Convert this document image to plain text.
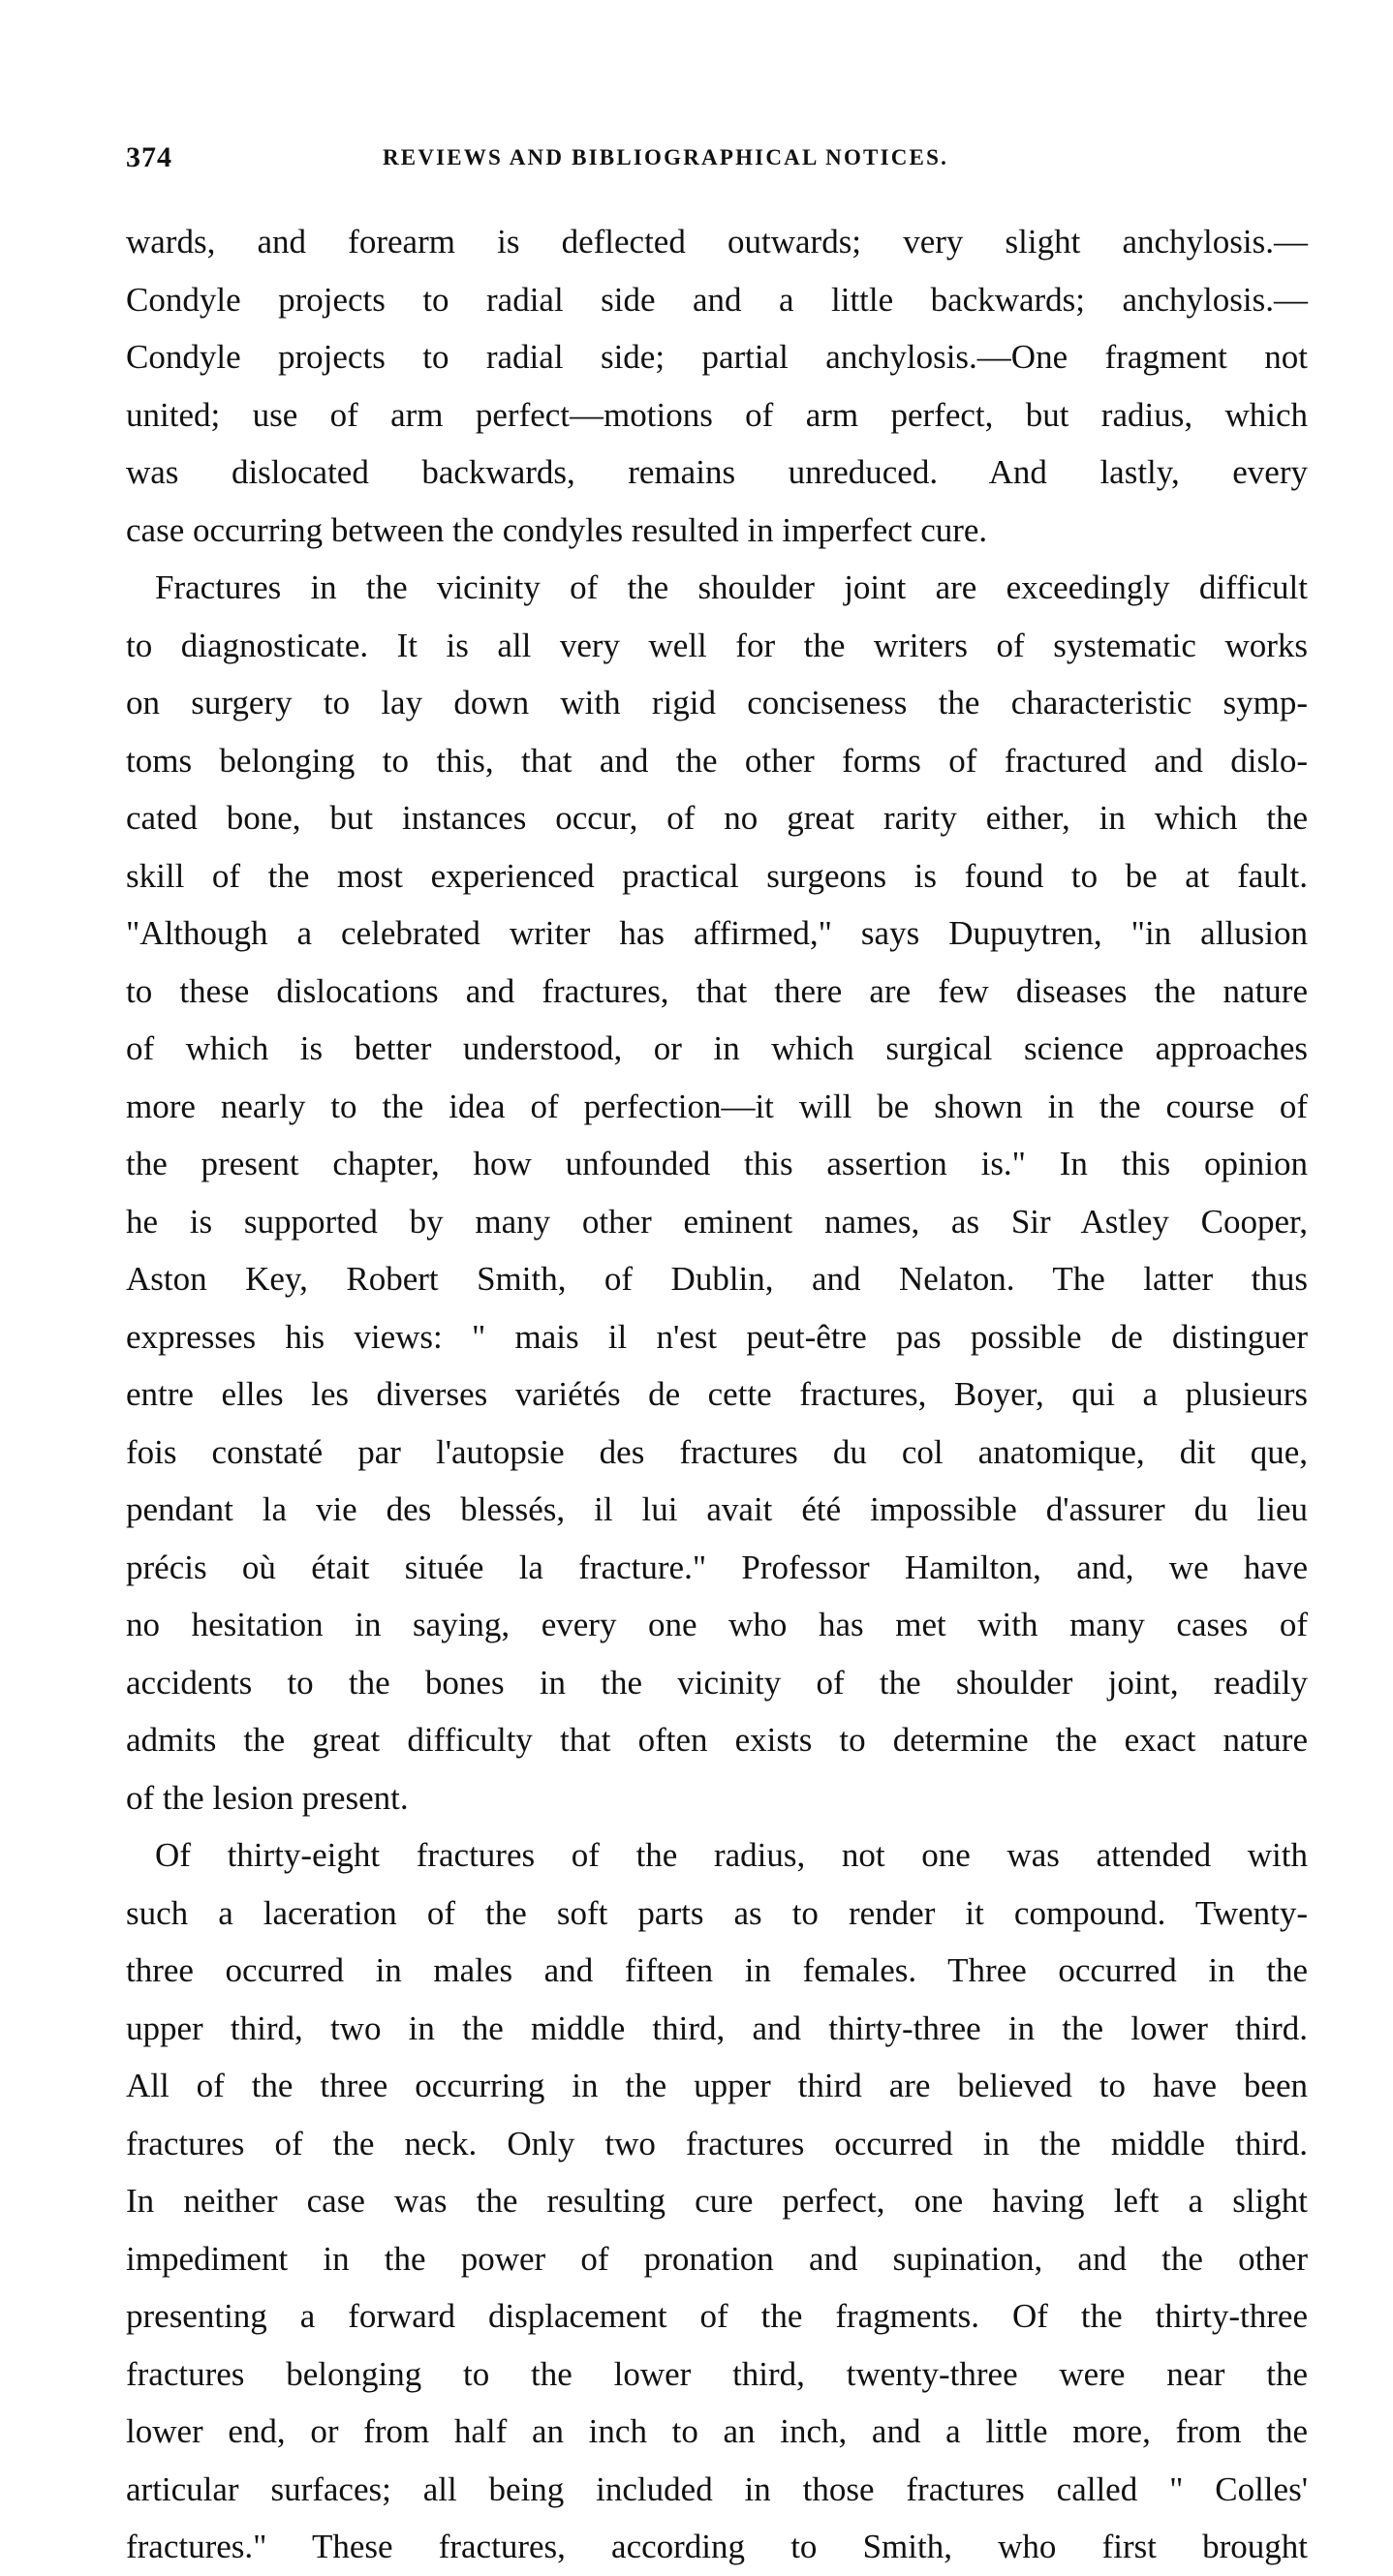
374	REVIEWS AND BIBLIOGRAPHICAL NOTICES.
wards, and forearm is deflected outwards; very slight anchylosis.—
Condyle projects to radial side and a little backwards; anchylosis.—
Condyle projects to radial side; partial anchylosis.—One fragment not
united; use of arm perfect—motions of arm perfect, but radius, which
was dislocated backwards, remains unreduced. And lastly, every
case occurring between the condyles resulted in imperfect cure.
Fractures in the vicinity of the shoulder joint are exceedingly difficult
to diagnosticate. It is all very well for the writers of systematic works
on surgery to lay down with rigid conciseness the characteristic symp-
toms belonging to this, that and the other forms of fractured and dislo-
cated bone, but instances occur, of no great rarity either, in which the
skill of the most experienced practical surgeons is found to be at fault.
"Although a celebrated writer has affirmed," says Dupuytren, "in allusion
to these dislocations and fractures, that there are few diseases the nature
of which is better understood, or in which surgical science approaches
more nearly to the idea of perfection—it will be shown in the course of
the present chapter, how unfounded this assertion is." In this opinion
he is supported by many other eminent names, as Sir Astley Cooper,
Aston Key, Robert Smith, of Dublin, and Nelaton. The latter thus
expresses his views: " mais il n'est peut-être pas possible de distinguer
entre elles les diverses variétés de cette fractures, Boyer, qui a plusieurs
fois constaté par l'autopsie des fractures du col anatomique, dit que,
pendant la vie des blessés, il lui avait été impossible d'assurer du lieu
précis où était située la fracture." Professor Hamilton, and, we have
no hesitation in saying, every one who has met with many cases of
accidents to the bones in the vicinity of the shoulder joint, readily
admits the great difficulty that often exists to determine the exact nature
of the lesion present.
Of thirty-eight fractures of the radius, not one was attended with
such a laceration of the soft parts as to render it compound. Twenty-
three occurred in males and fifteen in females. Three occurred in the
upper third, two in the middle third, and thirty-three in the lower third.
All of the three occurring in the upper third are believed to have been
fractures of the neck. Only two fractures occurred in the middle third.
In neither case was the resulting cure perfect, one having left a slight
impediment in the power of pronation and supination, and the other
presenting a forward displacement of the fragments. Of the thirty-three
fractures belonging to the lower third, twenty-three were near the
lower end, or from half an inch to an inch, and a little more, from the
articular surfaces; all being included in those fractures called " Colles'
fractures." These fractures, according to Smith, who first brought
